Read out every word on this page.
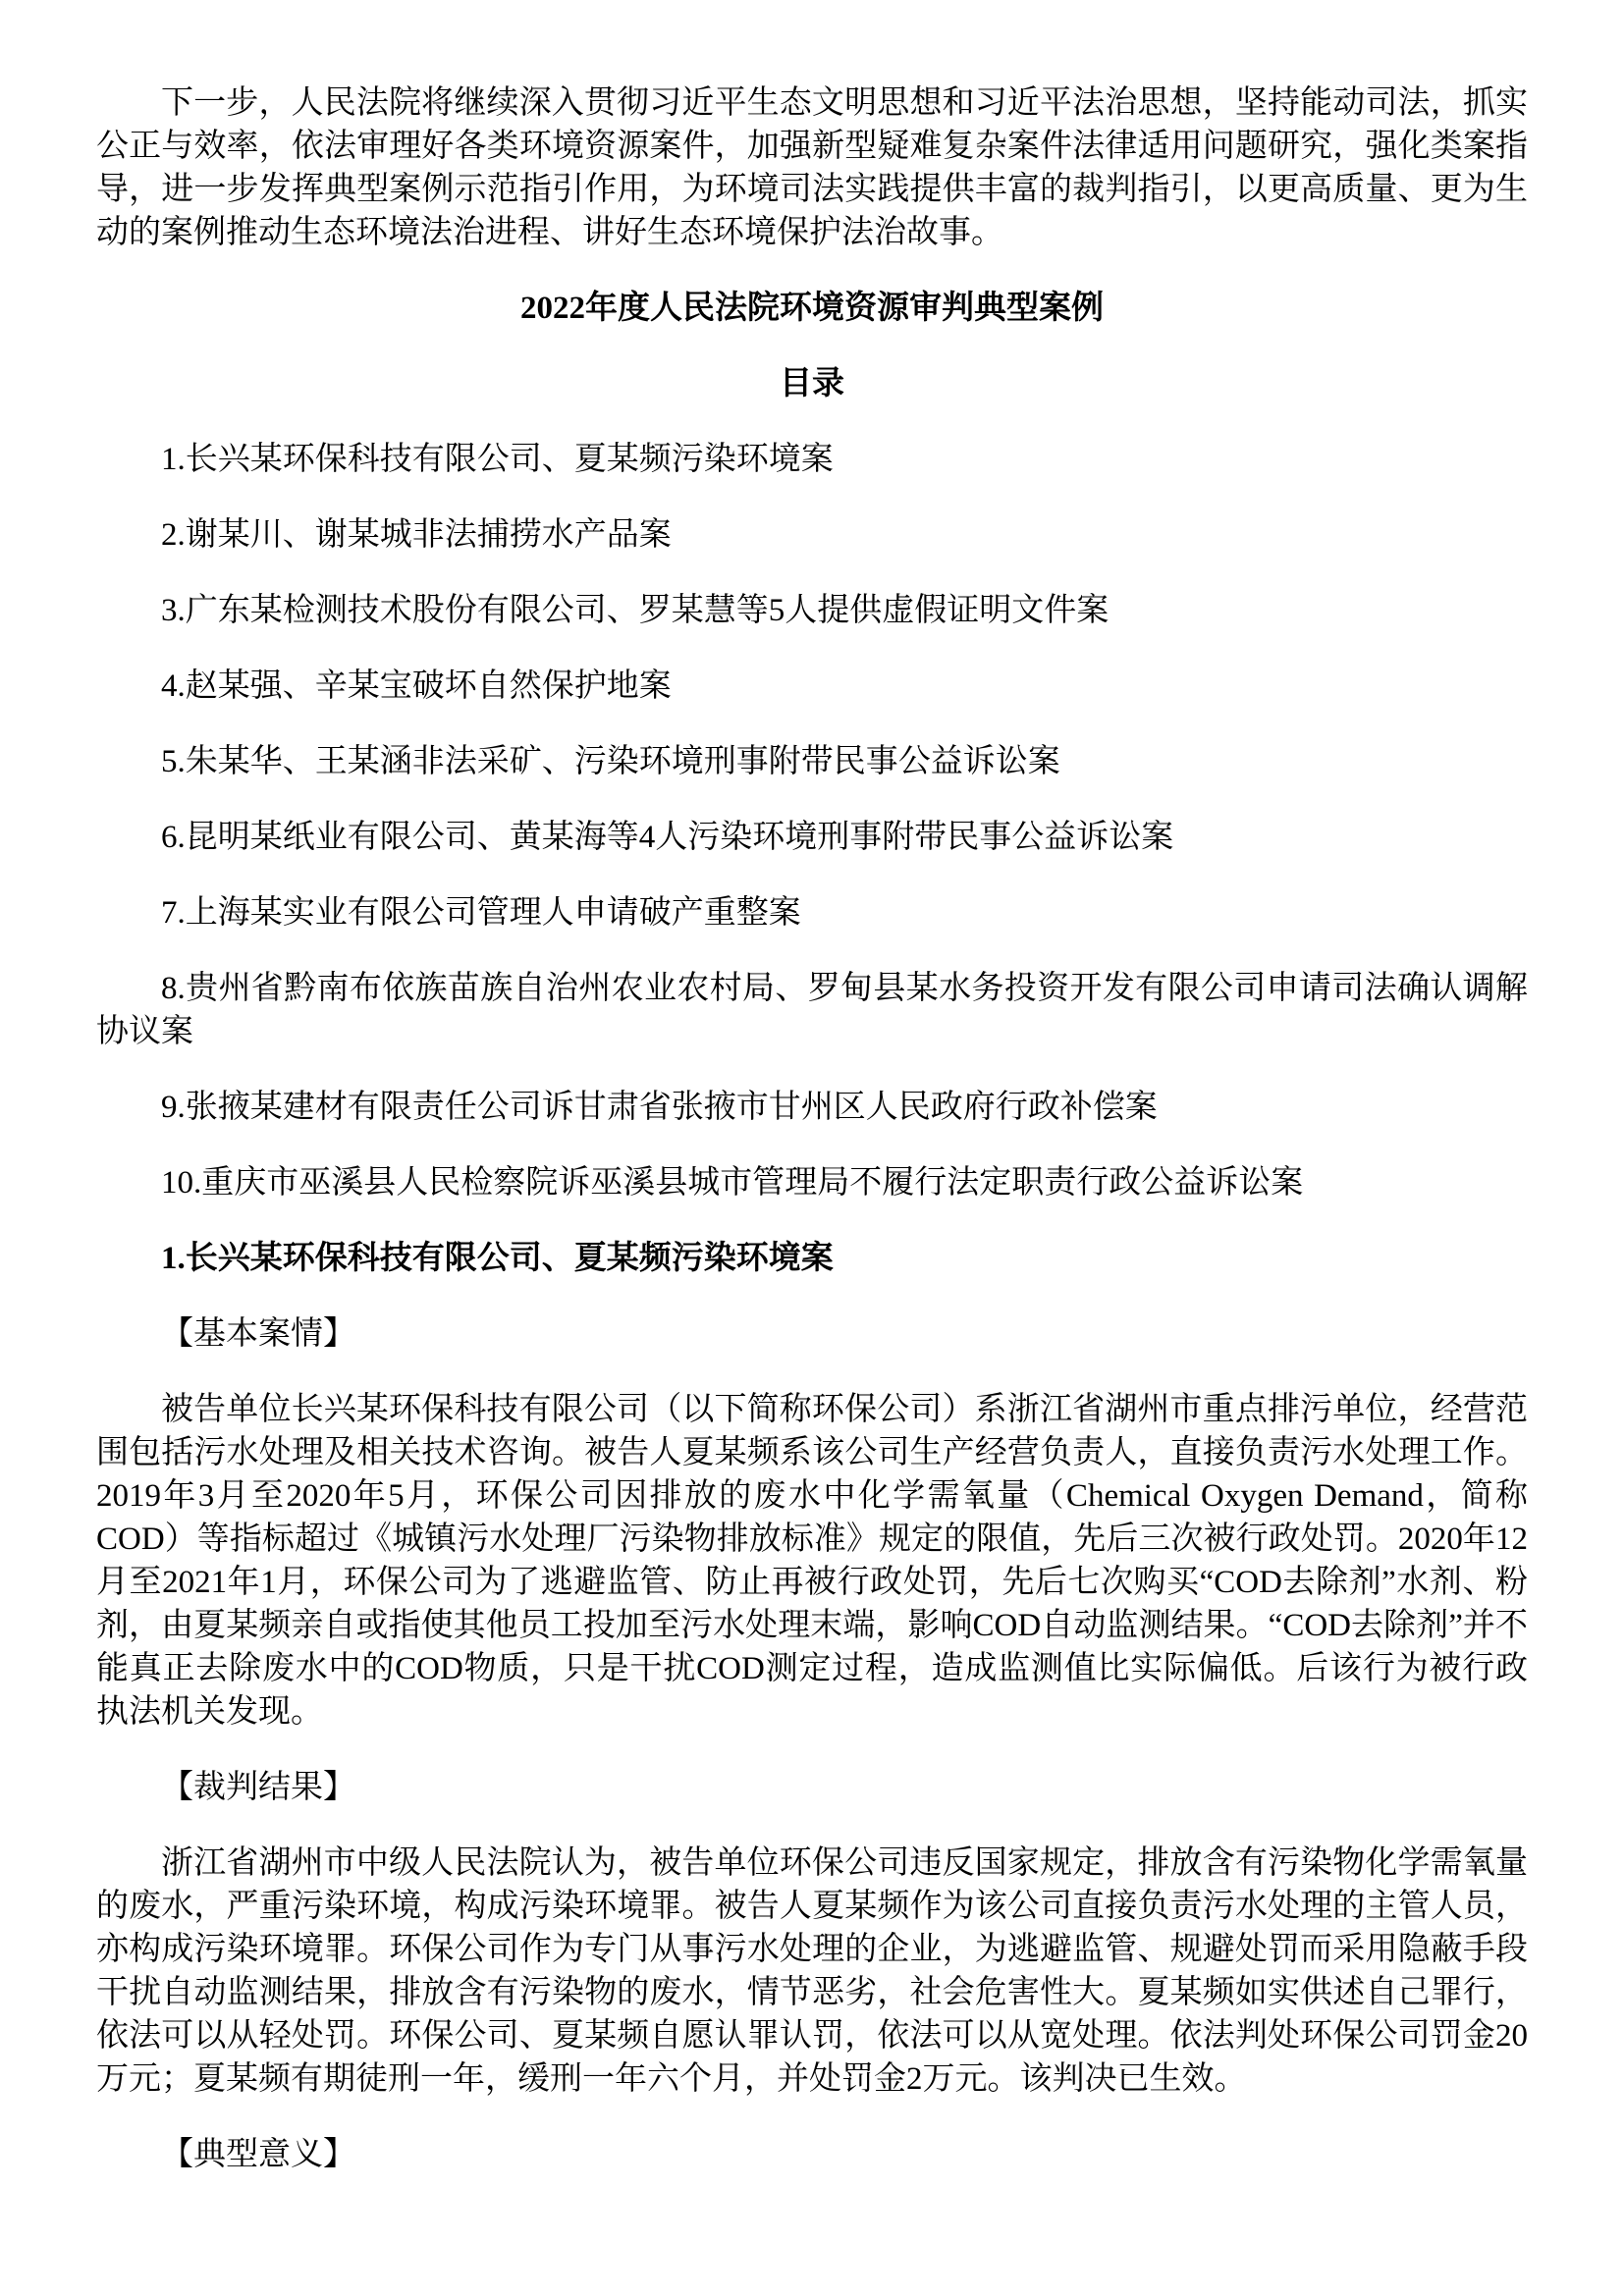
下一步，人民法院将继续深入贯彻习近平生态文明思想和习近平法治思想，坚持能动司法，抓实公正与效率，依法审理好各类环境资源案件，加强新型疑难复杂案件法律适用问题研究，强化类案指导，进一步发挥典型案例示范指引作用，为环境司法实践提供丰富的裁判指引，以更高质量、更为生动的案例推动生态环境法治进程、讲好生态环境保护法治故事。

2022年度人民法院环境资源审判典型案例

目录

1.长兴某环保科技有限公司、夏某频污染环境案

2.谢某川、谢某城非法捕捞水产品案

3.广东某检测技术股份有限公司、罗某慧等5人提供虚假证明文件案

4.赵某强、辛某宝破坏自然保护地案

5.朱某华、王某涵非法采矿、污染环境刑事附带民事公益诉讼案

6.昆明某纸业有限公司、黄某海等4人污染环境刑事附带民事公益诉讼案

7.上海某实业有限公司管理人申请破产重整案

8.贵州省黔南布依族苗族自治州农业农村局、罗甸县某水务投资开发有限公司申请司法确认调解协议案

9.张掖某建材有限责任公司诉甘肃省张掖市甘州区人民政府行政补偿案

10.重庆市巫溪县人民检察院诉巫溪县城市管理局不履行法定职责行政公益诉讼案

1.长兴某环保科技有限公司、夏某频污染环境案

【基本案情】

被告单位长兴某环保科技有限公司（以下简称环保公司）系浙江省湖州市重点排污单位，经营范围包括污水处理及相关技术咨询。被告人夏某频系该公司生产经营负责人，直接负责污水处理工作。2019年3月至2020年5月，环保公司因排放的废水中化学需氧量（Chemical Oxygen Demand，简称COD）等指标超过《城镇污水处理厂污染物排放标准》规定的限值，先后三次被行政处罚。2020年12月至2021年1月，环保公司为了逃避监管、防止再被行政处罚，先后七次购买“COD去除剂”水剂、粉剂，由夏某频亲自或指使其他员工投加至污水处理末端，影响COD自动监测结果。“COD去除剂”并不能真正去除废水中的COD物质，只是干扰COD测定过程，造成监测值比实际偏低。后该行为被行政执法机关发现。

【裁判结果】

浙江省湖州市中级人民法院认为，被告单位环保公司违反国家规定，排放含有污染物化学需氧量的废水，严重污染环境，构成污染环境罪。被告人夏某频作为该公司直接负责污水处理的主管人员，亦构成污染环境罪。环保公司作为专门从事污水处理的企业，为逃避监管、规避处罚而采用隐蔽手段干扰自动监测结果，排放含有污染物的废水，情节恶劣，社会危害性大。夏某频如实供述自己罪行，依法可以从轻处罚。环保公司、夏某频自愿认罪认罚，依法可以从宽处理。依法判处环保公司罚金20万元；夏某频有期徒刑一年，缓刑一年六个月，并处罚金2万元。该判决已生效。

【典型意义】
